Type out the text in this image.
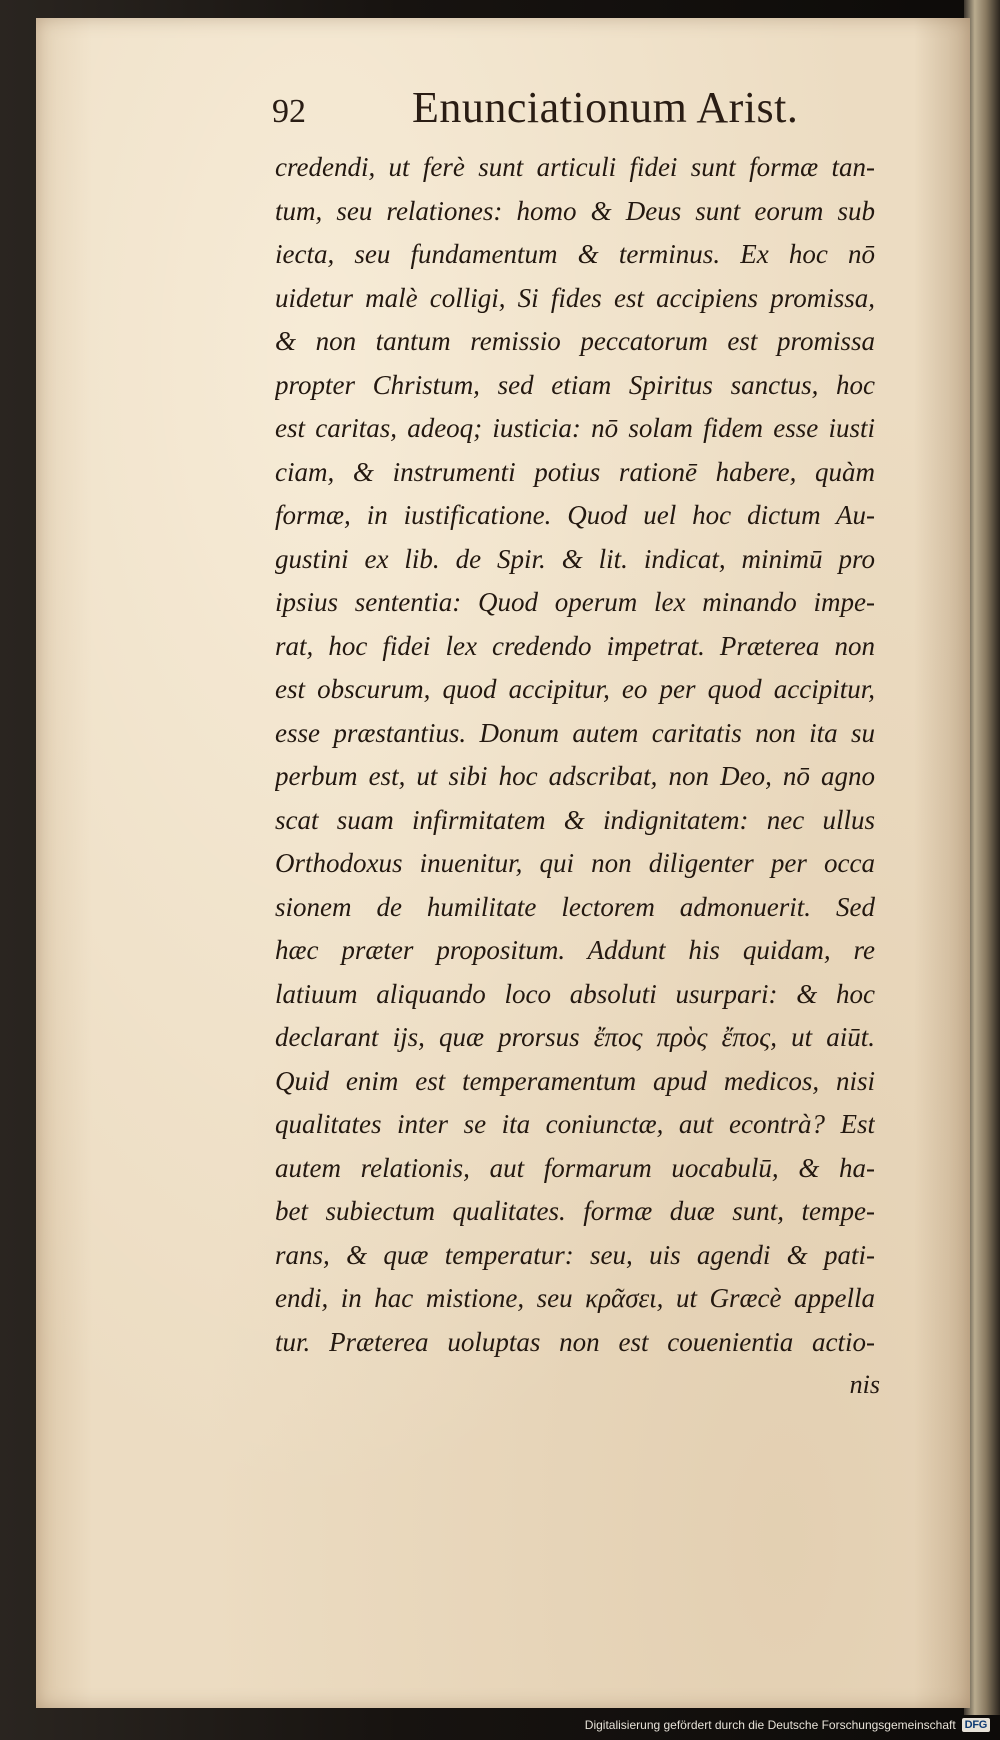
92	Enunciationum Arist.
credendi, ut ferè sunt articuli fidei sunt formæ tan-
tum, seu relationes: homo & Deus sunt eorum sub
iecta, seu fundamentum & terminus. Ex hoc nō
uidetur malè colligi, Si fides est accipiens promissa,
& non tantum remissio peccatorum est promissa
propter Christum, sed etiam Spiritus sanctus, hoc
est caritas, adeoq; iusticia: nō solam fidem esse iusti
ciam, & instrumenti potius rationē habere, quàm
formæ, in iustificatione. Quod uel hoc dictum Au-
gustini ex lib. de Spir. & lit. indicat, minimū pro
ipsius sententia: Quod operum lex minando impe-
rat, hoc fidei lex credendo impetrat. Præterea non
est obscurum, quod accipitur, eo per quod accipitur,
esse præstantius. Donum autem caritatis non ita su
perbum est, ut sibi hoc adscribat, non Deo, nō agno
scat suam infirmitatem & indignitatem: nec ullus
Orthodoxus inuenitur, qui non diligenter per occa
sionem de humilitate lectorem admonuerit. Sed
hæc præter propositum. Addunt his quidam, re
latiuum aliquando loco absoluti usurpari: & hoc
declarant ijs, quæ prorsus ἔπος πρὸς ἔπος, ut aiūt.
Quid enim est temperamentum apud medicos, nisi
qualitates inter se ita coniunctæ, aut econtrà? Est
autem relationis, aut formarum uocabulū, & ha-
bet subiectum qualitates. formæ duæ sunt, tempe-
rans, & quæ temperatur: seu, uis agendi & pati-
endi, in hac mistione, seu κρᾶσει, ut Græcè appella
tur. Præterea uoluptas non est couenientia actio-
nis
Digitalisierung gefördert durch die Deutsche Forschungsgemeinschaft DFG
